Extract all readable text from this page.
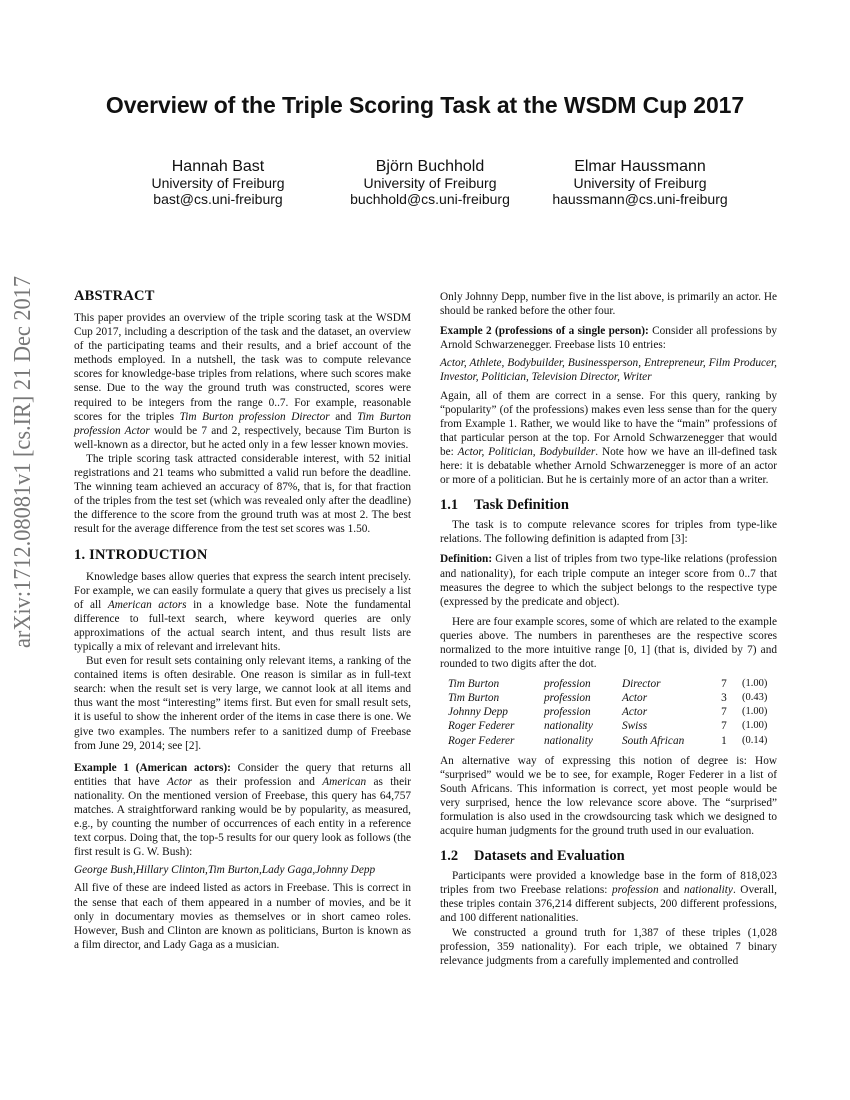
arXiv:1712.08081v1 [cs.IR] 21 Dec 2017
Overview of the Triple Scoring Task at the WSDM Cup 2017
Hannah Bast
University of Freiburg
bast@cs.uni-freiburg
Björn Buchhold
University of Freiburg
buchhold@cs.uni-freiburg
Elmar Haussmann
University of Freiburg
haussmann@cs.uni-freiburg
ABSTRACT

This paper provides an overview of the triple scoring task at the WSDM Cup 2017, including a description of the task and the dataset, an overview of the participating teams and their results, and a brief account of the methods employed. In a nutshell, the task was to compute relevance scores for knowledge-base triples from relations, where such scores make sense. Due to the way the ground truth was constructed, scores were required to be integers from the range 0..7. For example, reasonable scores for the triples Tim Burton profession Director and Tim Burton profession Actor would be 7 and 2, respectively, because Tim Burton is well-known as a director, but he acted only in a few lesser known movies.

The triple scoring task attracted considerable interest, with 52 initial registrations and 21 teams who submitted a valid run before the deadline. The winning team achieved an accuracy of 87%, that is, for that fraction of the triples from the test set (which was revealed only after the deadline) the difference to the score from the ground truth was at most 2. The best result for the average difference from the test set scores was 1.50.

1. INTRODUCTION

Knowledge bases allow queries that express the search intent precisely. For example, we can easily formulate a query that gives us precisely a list of all American actors in a knowledge base. Note the fundamental difference to full-text search, where keyword queries are only approximations of the actual search intent, and thus result lists are typically a mix of relevant and irrelevant hits.

But even for result sets containing only relevant items, a ranking of the contained items is often desirable. One reason is similar as in full-text search: when the result set is very large, we cannot look at all items and thus want the most “interesting” items first. But even for small result sets, it is useful to show the inherent order of the items in case there is one. We give two examples. The numbers refer to a sanitized dump of Freebase from June 29, 2014; see [2].

Example 1 (American actors): Consider the query that returns all entities that have Actor as their profession and American as their nationality. On the mentioned version of Freebase, this query has 64,757 matches. A straightforward ranking would be by popularity, as measured, e.g., by counting the number of occurrences of each entity in a reference text corpus. Doing that, the top-5 results for our query look as follows (the first result is G. W. Bush):

George Bush,Hillary Clinton,Tim Burton,Lady Gaga,Johnny Depp

All five of these are indeed listed as actors in Freebase. This is correct in the sense that each of them appeared in a number of movies, and be it only in documentary movies as themselves or in short cameo roles. However, Bush and Clinton are known as politicians, Burton is known as a film director, and Lady Gaga as a musician.

Only Johnny Depp, number five in the list above, is primarily an actor. He should be ranked before the other four.

Example 2 (professions of a single person): Consider all professions by Arnold Schwarzenegger. Freebase lists 10 entries:

Actor, Athlete, Bodybuilder, Businessperson, Entrepreneur, Film Producer, Investor, Politician, Television Director, Writer

Again, all of them are correct in a sense. For this query, ranking by “popularity” (of the professions) makes even less sense than for the query from Example 1. Rather, we would like to have the “main” professions of that particular person at the top. For Arnold Schwarzenegger that would be: Actor, Politician, Bodybuilder. Note how we have an ill-defined task here: it is debatable whether Arnold Schwarzenegger is more of an actor or more of a politician. But he is certainly more of an actor than a writer.

1.1 Task Definition

The task is to compute relevance scores for triples from type-like relations. The following definition is adapted from [3]:

Definition: Given a list of triples from two type-like relations (profession and nationality), for each triple compute an integer score from 0..7 that measures the degree to which the subject belongs to the respective type (expressed by the predicate and object).

Here are four example scores, some of which are related to the example queries above. The numbers in parentheses are the respective scores normalized to the more intuitive range [0, 1] (that is, divided by 7) and rounded to two digits after the dot.

Tim Burton	profession	Director	7	(1.00)
Tim Burton	profession	Actor	3	(0.43)
Johnny Depp	profession	Actor	7	(1.00)
Roger Federer	nationality	Swiss	7	(1.00)
Roger Federer	nationality	South African	1	(0.14)

An alternative way of expressing this notion of degree is: How “surprised” would we be to see, for example, Roger Federer in a list of South Africans. This information is correct, yet most people would be very surprised, hence the low relevance score above. The “surprised” formulation is also used in the crowdsourcing task which we designed to acquire human judgments for the ground truth used in our evaluation.

1.2 Datasets and Evaluation

Participants were provided a knowledge base in the form of 818,023 triples from two Freebase relations: profession and nationality. Overall, these triples contain 376,214 different subjects, 200 different professions, and 100 different nationalities.

We constructed a ground truth for 1,387 of these triples (1,028 profession, 359 nationality). For each triple, we obtained 7 binary relevance judgments from a carefully implemented and controlled
